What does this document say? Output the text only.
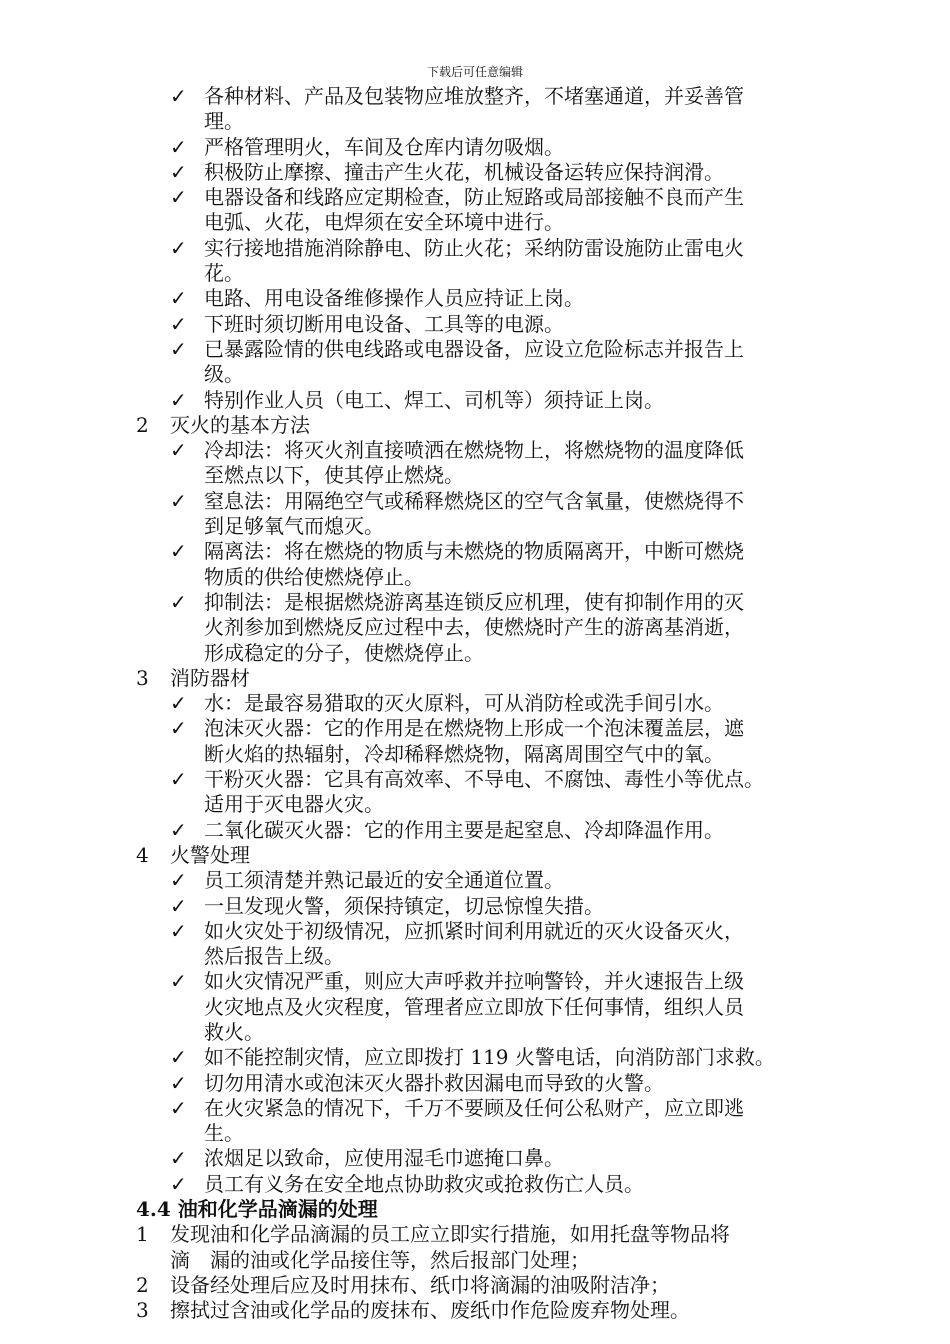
下载后可任意编辑
✓ 各种材料、产品及包装物应堆放整齐，不堵塞通道，并妥善管
理。
✓ 严格管理明火，车间及仓库内请勿吸烟。
✓ 积极防止摩擦、撞击产生火花，机械设备运转应保持润滑。
✓ 电器设备和线路应定期检查，防止短路或局部接触不良而产生
电弧、火花，电焊须在安全环境中进行。
✓ 实行接地措施消除静电、防止火花；采纳防雷设施防止雷电火
花。
✓ 电路、用电设备维修操作人员应持证上岗。
✓ 下班时须切断用电设备、工具等的电源。
✓ 已暴露险情的供电线路或电器设备，应设立危险标志并报告上
级。
✓ 特别作业人员（电工、焊工、司机等）须持证上岗。
2 灭火的基本方法
✓ 冷却法：将灭火剂直接喷洒在燃烧物上，将燃烧物的温度降低
至燃点以下，使其停止燃烧。
✓ 窒息法：用隔绝空气或稀释燃烧区的空气含氧量，使燃烧得不
到足够氧气而熄灭。
✓ 隔离法：将在燃烧的物质与未燃烧的物质隔离开，中断可燃烧
物质的供给使燃烧停止。
✓ 抑制法：是根据燃烧游离基连锁反应机理，使有抑制作用的灭
火剂参加到燃烧反应过程中去，使燃烧时产生的游离基消逝，
形成稳定的分子，使燃烧停止。
3 消防器材
✓ 水：是最容易猎取的灭火原料，可从消防栓或洗手间引水。
✓ 泡沫灭火器：它的作用是在燃烧物上形成一个泡沫覆盖层，遮
断火焰的热辐射，冷却稀释燃烧物，隔离周围空气中的氧。
✓ 干粉灭火器：它具有高效率、不导电、不腐蚀、毒性小等优点。
适用于灭电器火灾。
✓ 二氧化碳灭火器：它的作用主要是起窒息、冷却降温作用。
4 火警处理
✓ 员工须清楚并熟记最近的安全通道位置。
✓ 一旦发现火警，须保持镇定，切忌惊惶失措。
✓ 如火灾处于初级情况，应抓紧时间利用就近的灭火设备灭火，
然后报告上级。
✓ 如火灾情况严重，则应大声呼救并拉响警铃，并火速报告上级
火灾地点及火灾程度，管理者应立即放下任何事情，组织人员
救火。
✓ 如不能控制灾情，应立即拨打 119 火警电话，向消防部门求救。
✓ 切勿用清水或泡沫灭火器扑救因漏电而导致的火警。
✓ 在火灾紧急的情况下，千万不要顾及任何公私财产，应立即逃
生。
✓ 浓烟足以致命，应使用湿毛巾遮掩口鼻。
✓ 员工有义务在安全地点协助救灾或抢救伤亡人员。
4.4 油和化学品滴漏的处理
1 发现油和化学品滴漏的员工应立即实行措施，如用托盘等物品将
滴　漏的油或化学品接住等，然后报部门处理；
2 设备经处理后应及时用抹布、纸巾将滴漏的油吸附洁净；
3 擦拭过含油或化学品的废抹布、废纸巾作危险废弃物处理。
